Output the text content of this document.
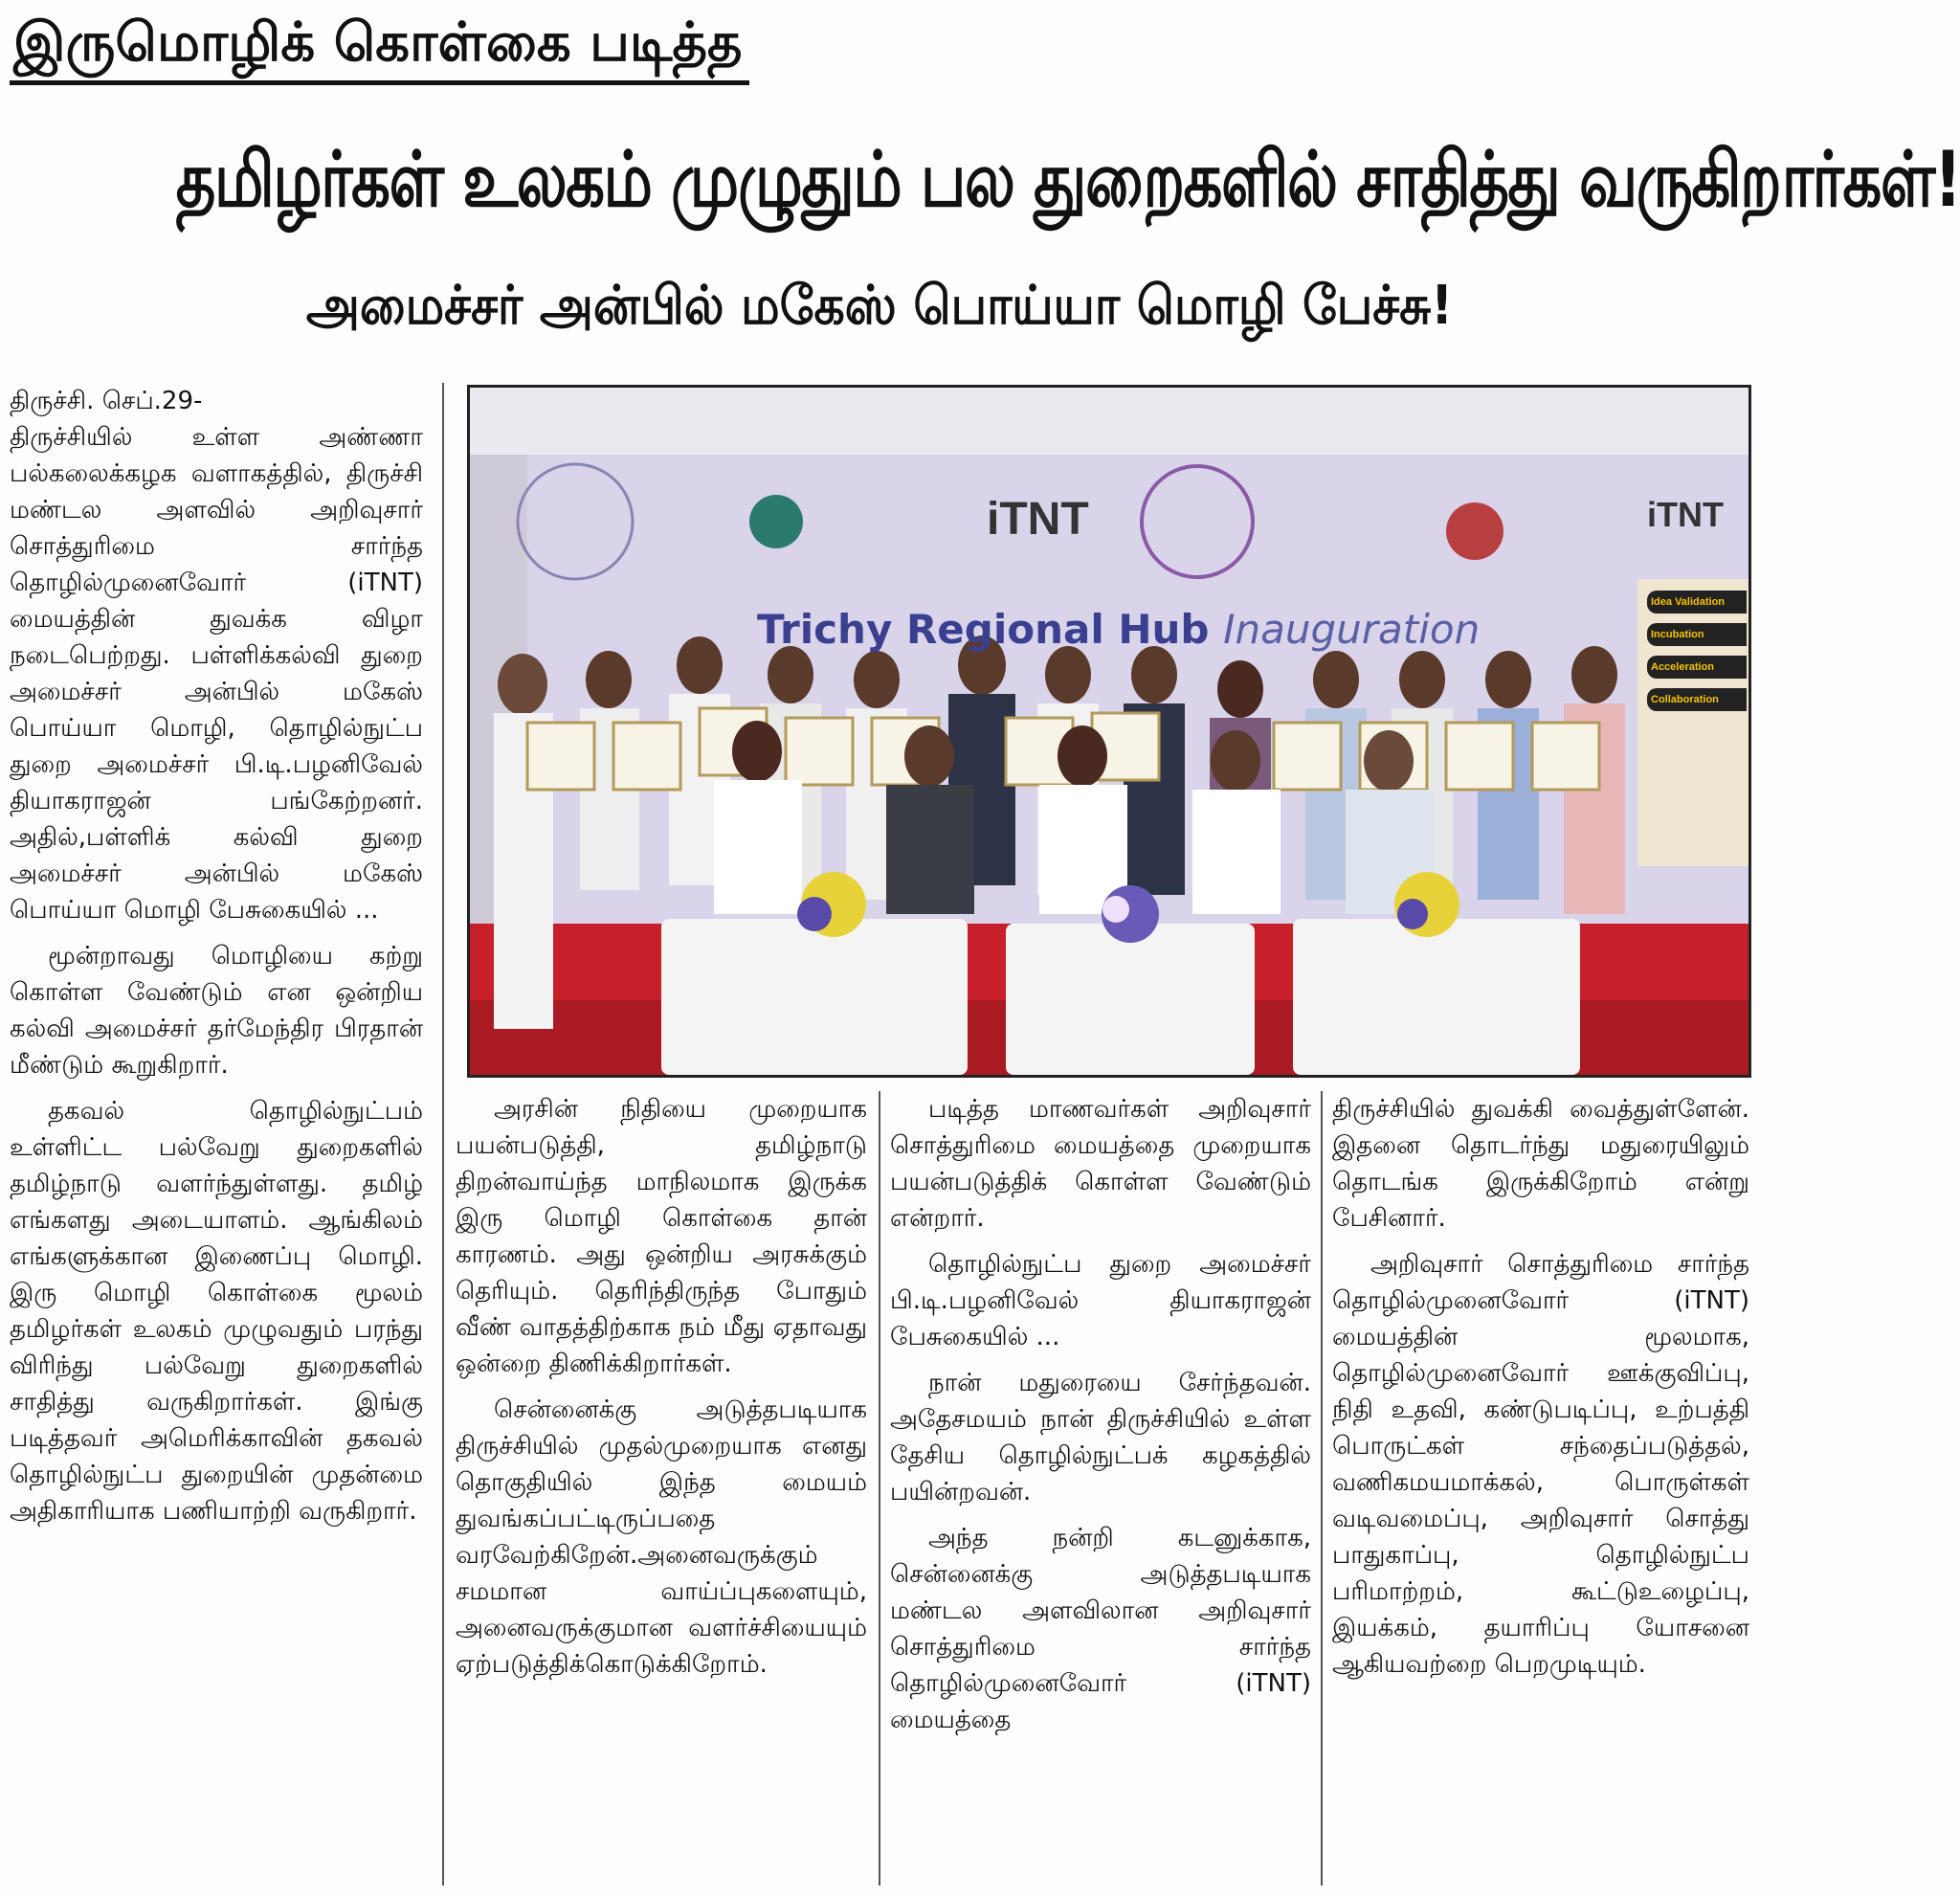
இருமொழிக் கொள்கை படித்த
தமிழர்கள் உலகம் முழுதும் பல துறைகளில் சாதித்து வருகிறார்கள்!
அமைச்சர் அன்பில் மகேஸ் பொய்யா மொழி பேச்சு!

திருச்சி. செப்.29-

திருச்சியில் உள்ள அண்ணா பல்கலைக்கழக வளாகத்தில், திருச்சி மண்டல அளவில் அறிவுசார் சொத்துரிமை சார்ந்த தொழில்முனைவோர் (iTNT) மையத்தின் துவக்க விழா நடைபெற்றது. பள்ளிக்கல்வி துறை அமைச்சர் அன்பில் மகேஸ் பொய்யா மொழி, தொழில்நுட்ப துறை அமைச்சர் பி.டி.பழனிவேல் தியாகராஜன் பங்கேற்றனர். அதில்,பள்ளிக் கல்வி துறை அமைச்சர் அன்பில் மகேஸ் பொய்யா மொழி பேசுகையில் ...

மூன்றாவது மொழியை கற்று கொள்ள வேண்டும் என ஒன்றிய கல்வி அமைச்சர் தர்மேந்திர பிரதான் மீண்டும் கூறுகிறார்.

தகவல் தொழில்நுட்பம் உள்ளிட்ட பல்வேறு துறைகளில் தமிழ்நாடு வளர்ந்துள்ளது. தமிழ் எங்களது அடையாளம். ஆங்கிலம் எங்களுக்கான இணைப்பு மொழி. இரு மொழி கொள்கை மூலம் தமிழர்கள் உலகம் முழுவதும் பரந்து விரிந்து பல்வேறு துறைகளில் சாதித்து வருகிறார்கள். இங்கு படித்தவர் அமெரிக்காவின் தகவல் தொழில்நுட்ப துறையின் முதன்மை அதிகாரியாக பணியாற்றி வருகிறார்.

iTNT	iTNT
Trichy Regional Hub Inauguration
Idea Validation
Incubation
Acceleration
Collaboration

அரசின் நிதியை முறையாக பயன்படுத்தி, தமிழ்நாடு திறன்வாய்ந்த மாநிலமாக இருக்க இரு மொழி கொள்கை தான் காரணம். அது ஒன்றிய அரசுக்கும் தெரியும். தெரிந்திருந்த போதும் வீண் வாதத்திற்காக நம் மீது ஏதாவது ஒன்றை திணிக்கிறார்கள்.

சென்னைக்கு அடுத்தபடியாக திருச்சியில் முதல்முறையாக எனது தொகுதியில் இந்த மையம் துவங்கப்பட்டிருப்பதை வரவேற்கிறேன்.அனைவருக்கும் சமமான வாய்ப்புகளையும், அனைவருக்குமான வளர்ச்சியையும் ஏற்படுத்திக்கொடுக்கிறோம்.

படித்த மாணவர்கள் அறிவுசார் சொத்துரிமை மையத்தை முறையாக பயன்படுத்திக் கொள்ள வேண்டும் என்றார்.

தொழில்நுட்ப துறை அமைச்சர் பி.டி.பழனிவேல் தியாகராஜன் பேசுகையில் ...

நான் மதுரையை சேர்ந்தவன். அதேசமயம் நான் திருச்சியில் உள்ள தேசிய தொழில்நுட்பக் கழகத்தில் பயின்றவன்.

அந்த நன்றி கடனுக்காக, சென்னைக்கு அடுத்தபடியாக மண்டல அளவிலான அறிவுசார் சொத்துரிமை சார்ந்த தொழில்முனைவோர் (iTNT) மையத்தை

திருச்சியில் துவக்கி வைத்துள்ளேன். இதனை தொடர்ந்து மதுரையிலும் தொடங்க இருக்கிறோம் என்று பேசினார்.

அறிவுசார் சொத்துரிமை சார்ந்த தொழில்முனைவோர் (iTNT) மையத்தின் மூலமாக, தொழில்முனைவோர் ஊக்குவிப்பு, நிதி உதவி, கண்டுபடிப்பு, உற்பத்தி பொருட்கள் சந்தைப்படுத்தல், வணிகமயமாக்கல், பொருள்கள் வடிவமைப்பு, அறிவுசார் சொத்து பாதுகாப்பு, தொழில்நுட்ப பரிமாற்றம், கூட்டுஉழைப்பு, இயக்கம், தயாரிப்பு யோசனை ஆகியவற்றை பெறமுடியும்.
